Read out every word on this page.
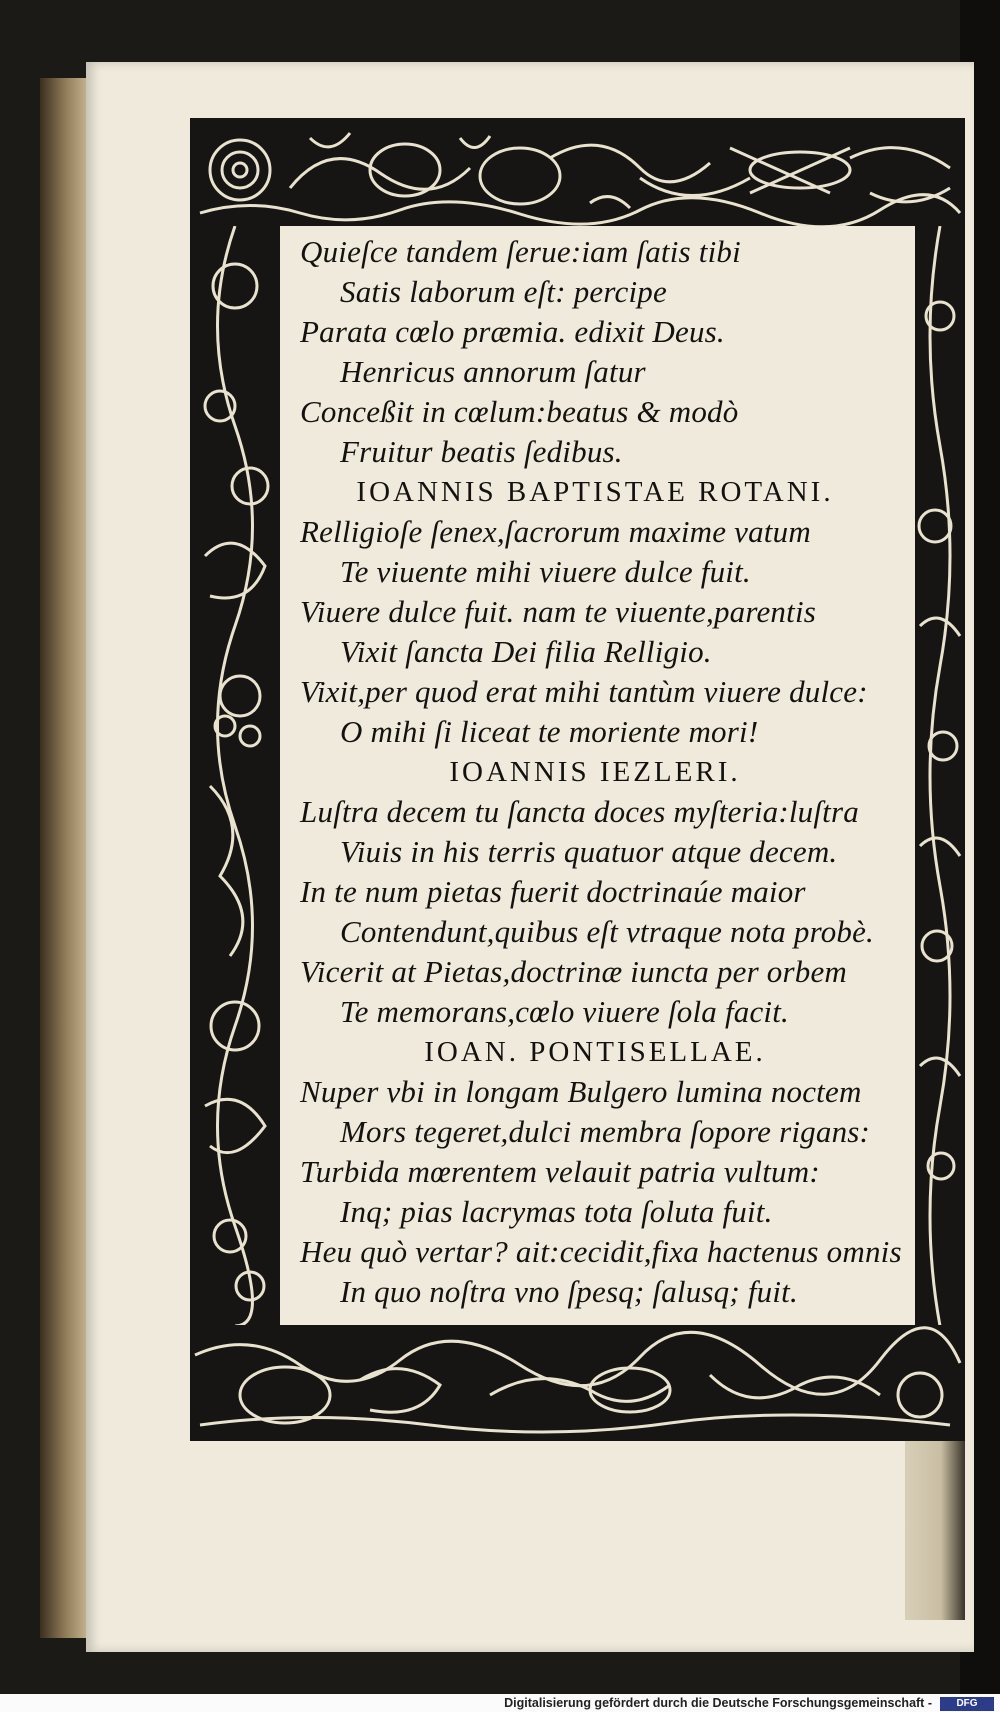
Quieſce tandem ſerue:iam ſatis tibi
Satis laborum eſt: percipe
Parata cœlo præmia. edixit Deus.
Henricus annorum ſatur
Conceßit in cœlum:beatus & modò
Fruitur beatis ſedibus.
IOANNIS BAPTISTAE ROTANI.
Relligioſe ſenex,ſacrorum maxime vatum
Te viuente mihi viuere dulce fuit.
Viuere dulce fuit. nam te viuente,parentis
Vixit ſancta Dei filia Relligio.
Vixit,per quod erat mihi tantùm viuere dulce:
O mihi ſi liceat te moriente mori!
IOANNIS IEZLERI.
Luſtra decem tu ſancta doces myſteria:luſtra
Viuis in his terris quatuor atque decem.
In te num pietas fuerit doctrinaúe maior
Contendunt,quibus eſt vtraque nota probè.
Vicerit at Pietas,doctrinæ iuncta per orbem
Te memorans,cœlo viuere ſola facit.
IOAN. PONTISELLAE.
Nuper vbi in longam Bulgero lumina noctem
Mors tegeret,dulci membra ſopore rigans:
Turbida mœrentem velauit patria vultum:
Inq; pias lacrymas tota ſoluta fuit.
Heu quò vertar? ait:cecidit,fixa hactenus omnis
In quo noſtra vno ſpesq; ſalusq; fuit.
Digitalisierung gefördert durch die Deutsche Forschungsgemeinschaft -	DFG
